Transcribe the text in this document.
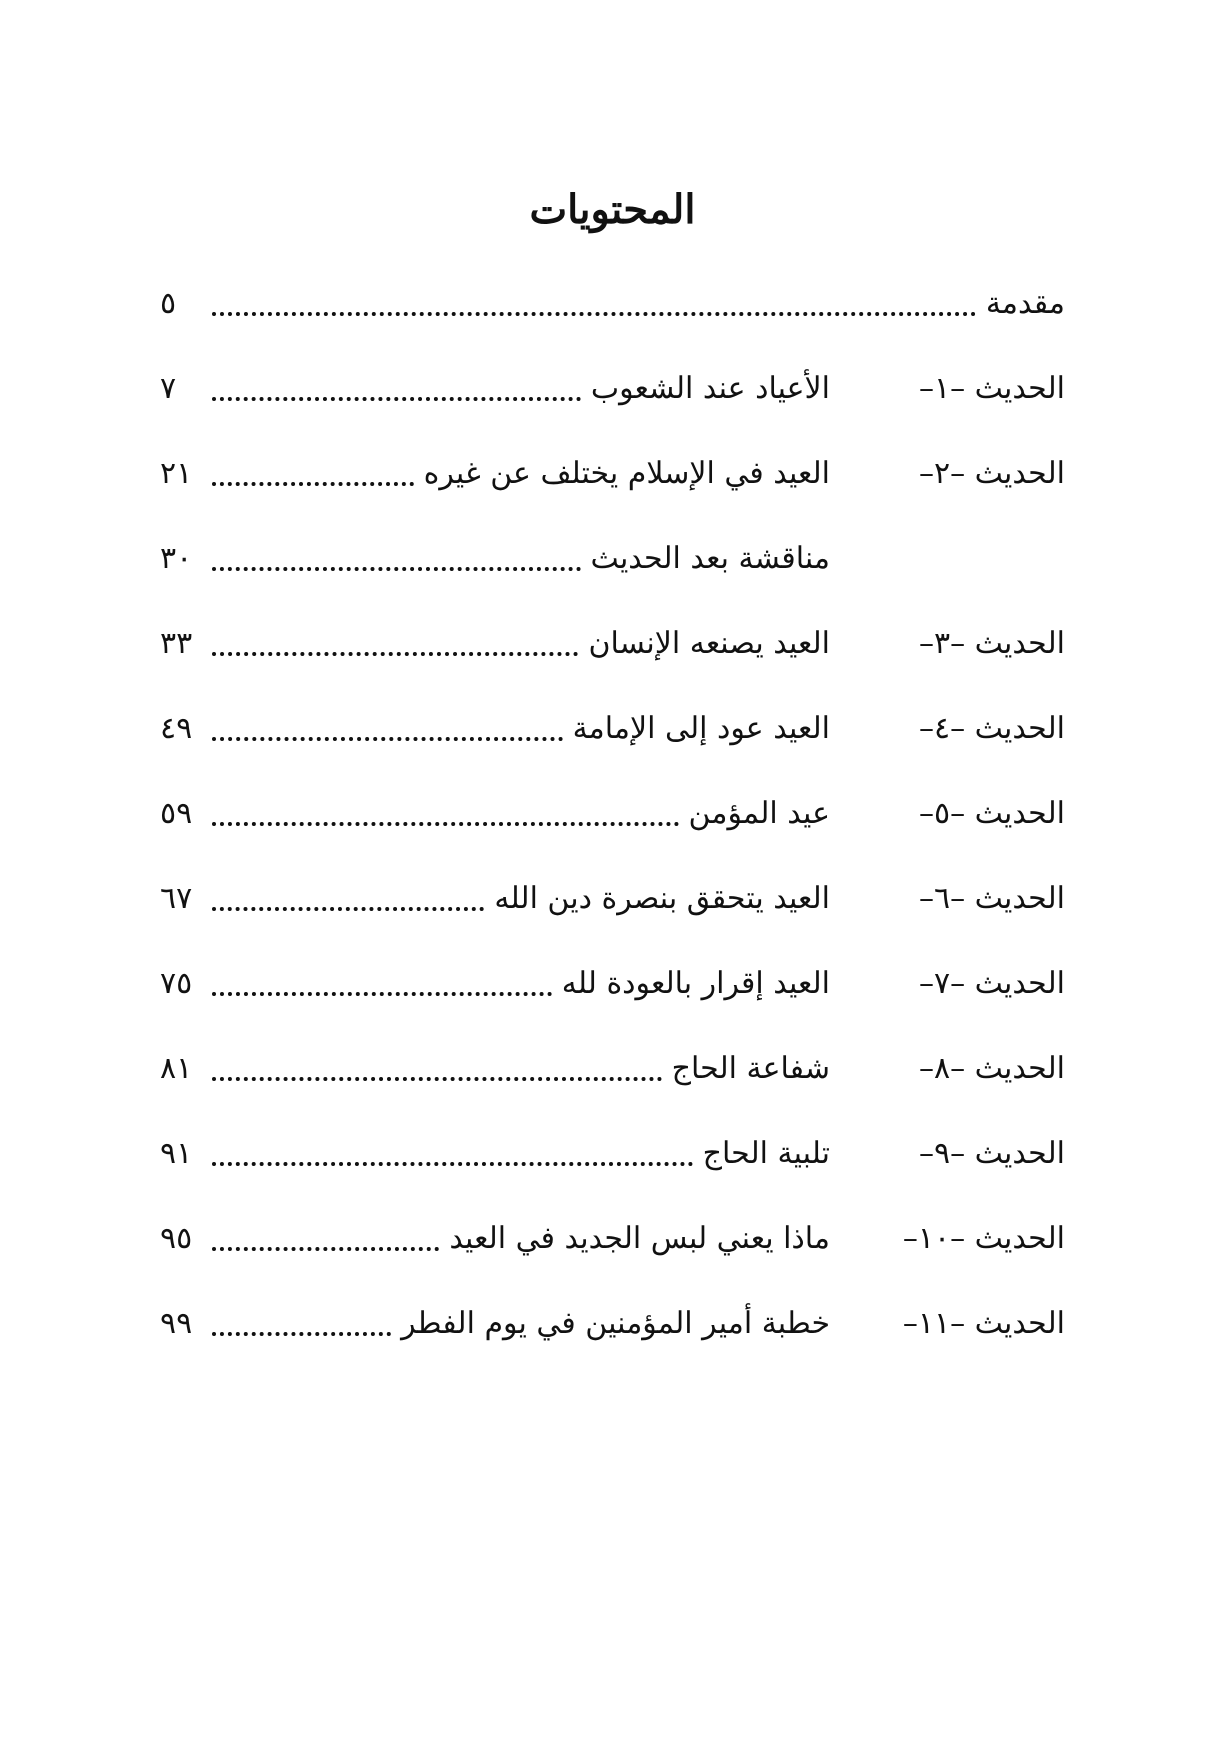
المحتويات
٥	مقدمة
٧	الأعياد عند الشعوب	الحديث –١–
٢١	العيد في الإسلام يختلف عن غيره	الحديث –٢–
٣٠	مناقشة بعد الحديث
٣٣	العيد يصنعه الإنسان	الحديث –٣–
٤٩	العيد عود إلى الإمامة	الحديث –٤–
٥٩	عيد المؤمن	الحديث –٥–
٦٧	العيد يتحقق بنصرة دين الله	الحديث –٦–
٧٥	العيد إقرار بالعودة لله	الحديث –٧–
٨١	شفاعة الحاج	الحديث –٨–
٩١	تلبية الحاج	الحديث –٩–
٩٥	ماذا يعني لبس الجديد في العيد	الحديث –١٠–
٩٩	خطبة أمير المؤمنين في يوم الفطر	الحديث –١١–
